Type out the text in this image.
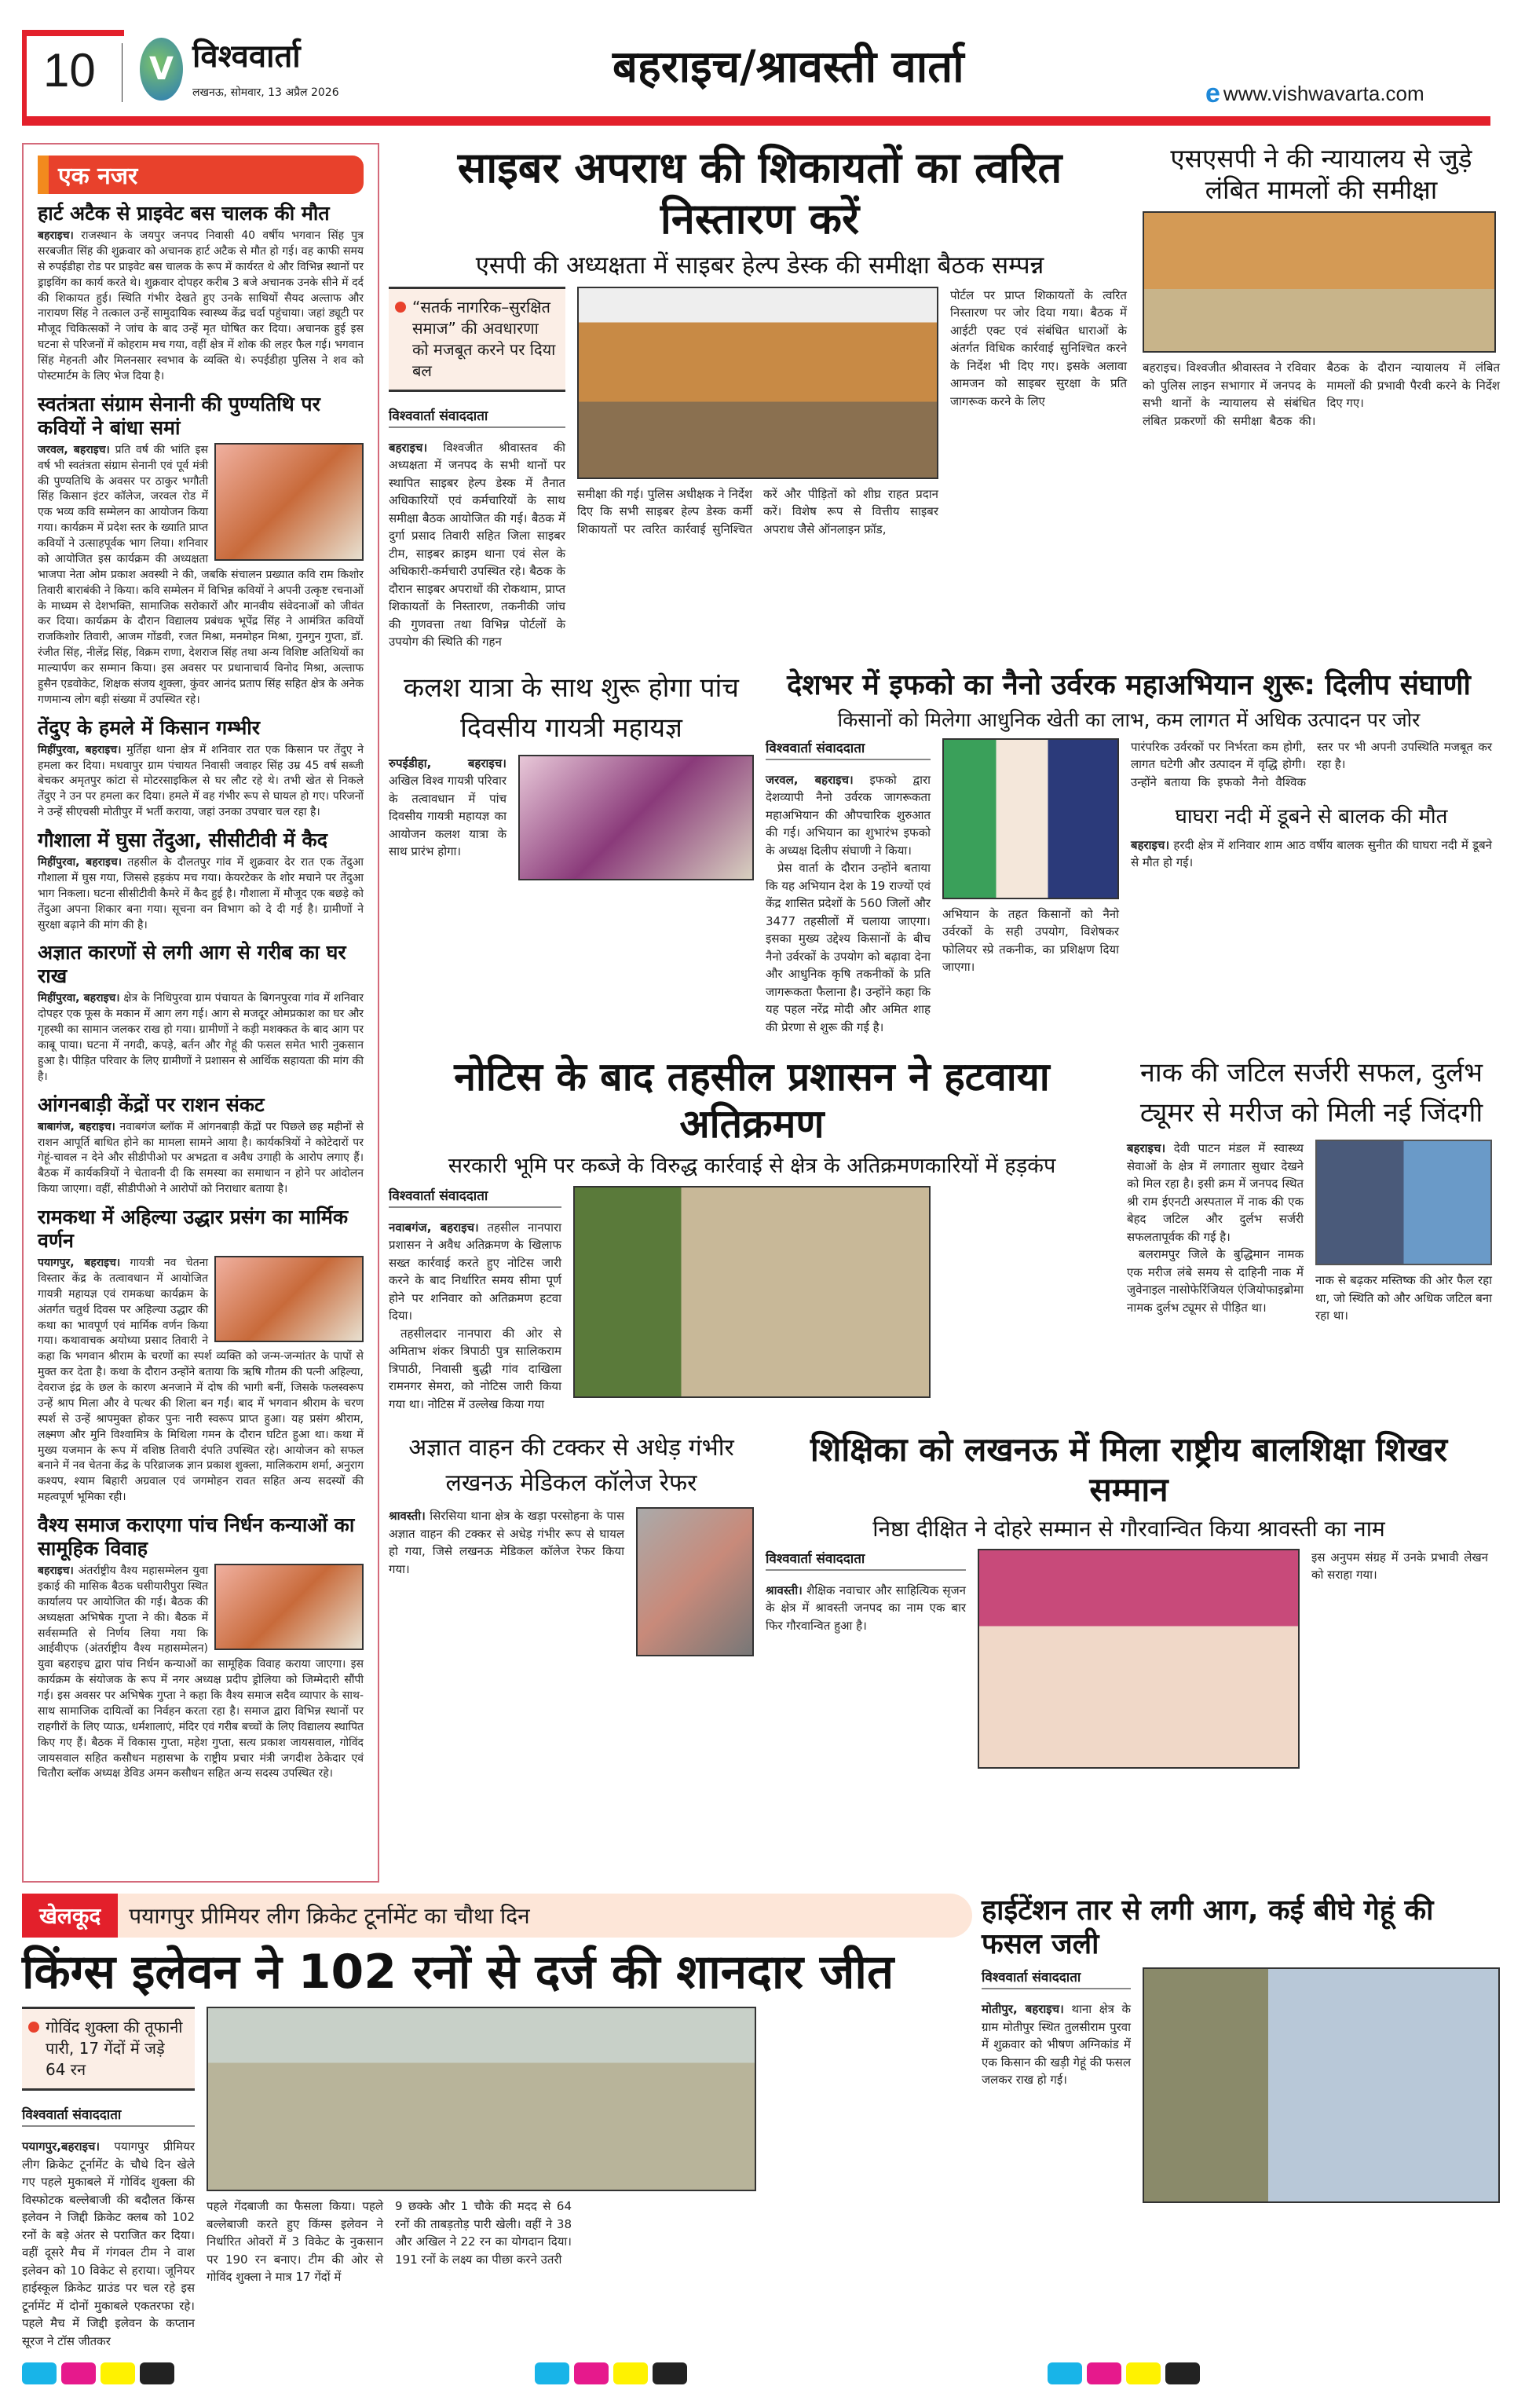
10	V विश्ववार्ता
लखनऊ, सोमवार, 13 अप्रैल 2026	बहराइच/श्रावस्ती वार्ता
e www.vishwavarta.com
एक नजर
हार्ट अटैक से प्राइवेट बस चालक की मौत
बहराइच। राजस्थान के जयपुर जनपद निवासी 40 वर्षीय भगवान सिंह पुत्र सरबजीत सिंह की शुक्रवार को अचानक हार्ट अटैक से मौत हो गई। वह काफी समय से रुपईडीहा रोड पर प्राइवेट बस चालक के रूप में कार्यरत थे और विभिन्न स्थानों पर ड्राइविंग का कार्य करते थे। शुक्रवार दोपहर करीब 3 बजे अचानक उनके सीने में दर्द की शिकायत हुई। स्थिति गंभीर देखते हुए उनके साथियों सैयद अल्ताफ और नारायण सिंह ने तत्काल उन्हें सामुदायिक स्वास्थ्य केंद्र चर्दा पहुंचाया। जहां ड्यूटी पर मौजूद चिकित्सकों ने जांच के बाद उन्हें मृत घोषित कर दिया। अचानक हुई इस घटना से परिजनों में कोहराम मच गया, वहीं क्षेत्र में शोक की लहर फैल गई। भगवान सिंह मेहनती और मिलनसार स्वभाव के व्यक्ति थे। रुपईडीहा पुलिस ने शव को पोस्टमार्टम के लिए भेज दिया है।
स्वतंत्रता संग्राम सेनानी की पुण्यतिथि पर कवियों ने बांधा समां
जरवल, बहराइच। प्रति वर्ष की भांति इस वर्ष भी स्वतंत्रता संग्राम सेनानी एवं पूर्व मंत्री की पुण्यतिथि के अवसर पर ठाकुर भगौती सिंह किसान इंटर कॉलेज, जरवल रोड में एक भव्य कवि सम्मेलन का आयोजन किया गया। कार्यक्रम में प्रदेश स्तर के ख्याति प्राप्त कवियों ने उत्साहपूर्वक भाग लिया। शनिवार को आयोजित इस कार्यक्रम की अध्यक्षता भाजपा नेता ओम प्रकाश अवस्थी ने की, जबकि संचालन प्रख्यात कवि राम किशोर तिवारी बाराबंकी ने किया। कवि सम्मेलन में विभिन्न कवियों ने अपनी उत्कृष्ट रचनाओं के माध्यम से देशभक्ति, सामाजिक सरोकारों और मानवीय संवेदनाओं को जीवंत कर दिया। कार्यक्रम के दौरान विद्यालय प्रबंधक भूपेंद्र सिंह ने आमंत्रित कवियों राजकिशोर तिवारी, आजम गोंडवी, रजत मिश्रा, मनमोहन मिश्रा, गुनगुन गुप्ता, डॉ. रंजीत सिंह, नीलेंद्र सिंह, विक्रम राणा, देशराज सिंह तथा अन्य विशिष्ट अतिथियों का माल्यार्पण कर सम्मान किया। इस अवसर पर प्रधानाचार्य विनोद मिश्रा, अल्ताफ हुसैन एडवोकेट, शिक्षक संजय शुक्ला, कुंवर आनंद प्रताप सिंह सहित क्षेत्र के अनेक गणमान्य लोग बड़ी संख्या में उपस्थित रहे।
तेंदुए के हमले में किसान गम्भीर
मिहींपुरवा, बहराइच। मुर्तिहा थाना क्षेत्र में शनिवार रात एक किसान पर तेंदुए ने हमला कर दिया। मधवापुर ग्राम पंचायत निवासी जवाहर सिंह उम्र 45 वर्ष सब्जी बेचकर अमृतपुर कांटा से मोटरसाइकिल से घर लौट रहे थे। तभी खेत से निकले तेंदुए ने उन पर हमला कर दिया। हमले में वह गंभीर रूप से घायल हो गए। परिजनों ने उन्हें सीएचसी मोतीपुर में भर्ती कराया, जहां उनका उपचार चल रहा है।
गौशाला में घुसा तेंदुआ, सीसीटीवी में कैद
मिहींपुरवा, बहराइच। तहसील के दौलतपुर गांव में शुक्रवार देर रात एक तेंदुआ गौशाला में घुस गया, जिससे हड़कंप मच गया। केयरटेकर के शोर मचाने पर तेंदुआ भाग निकला। घटना सीसीटीवी कैमरे में कैद हुई है। गौशाला में मौजूद एक बछड़े को तेंदुआ अपना शिकार बना गया। सूचना वन विभाग को दे दी गई है। ग्रामीणों ने सुरक्षा बढ़ाने की मांग की है।
अज्ञात कारणों से लगी आग से गरीब का घर राख
मिहींपुरवा, बहराइच। क्षेत्र के निधिपुरवा ग्राम पंचायत के बिगनपुरवा गांव में शनिवार दोपहर एक फूस के मकान में आग लग गई। आग से मजदूर ओमप्रकाश का घर और गृहस्थी का सामान जलकर राख हो गया। ग्रामीणों ने कड़ी मशक्कत के बाद आग पर काबू पाया। घटना में नगदी, कपड़े, बर्तन और गेहूं की फसल समेत भारी नुकसान हुआ है। पीड़ित परिवार के लिए ग्रामीणों ने प्रशासन से आर्थिक सहायता की मांग की है।
आंगनबाड़ी केंद्रों पर राशन संकट
बाबागंज, बहराइच। नवाबगंज ब्लॉक में आंगनबाड़ी केंद्रों पर पिछले छह महीनों से राशन आपूर्ति बाधित होने का मामला सामने आया है। कार्यकत्रियों ने कोटेदारों पर गेहूं-चावल न देने और सीडीपीओ पर अभद्रता व अवैध उगाही के आरोप लगाए हैं। बैठक में कार्यकत्रियों ने चेतावनी दी कि समस्या का समाधान न होने पर आंदोलन किया जाएगा। वहीं, सीडीपीओ ने आरोपों को निराधार बताया है।
रामकथा में अहिल्या उद्धार प्रसंग का मार्मिक वर्णन
पयागपुर, बहराइच। गायत्री नव चेतना विस्तार केंद्र के तत्वावधान में आयोजित गायत्री महायज्ञ एवं रामकथा कार्यक्रम के अंतर्गत चतुर्थ दिवस पर अहिल्या उद्धार की कथा का भावपूर्ण एवं मार्मिक वर्णन किया गया। कथावाचक अयोध्या प्रसाद तिवारी ने कहा कि भगवान श्रीराम के चरणों का स्पर्श व्यक्ति को जन्म-जन्मांतर के पापों से मुक्त कर देता है। कथा के दौरान उन्होंने बताया कि ऋषि गौतम की पत्नी अहिल्या, देवराज इंद्र के छल के कारण अनजाने में दोष की भागी बनीं, जिसके फलस्वरूप उन्हें श्राप मिला और वे पत्थर की शिला बन गईं। बाद में भगवान श्रीराम के चरण स्पर्श से उन्हें श्रापमुक्त होकर पुनः नारी स्वरूप प्राप्त हुआ। यह प्रसंग श्रीराम, लक्ष्मण और मुनि विश्वामित्र के मिथिला गमन के दौरान घटित हुआ था। कथा में मुख्य यजमान के रूप में वशिष्ठ तिवारी दंपति उपस्थित रहे। आयोजन को सफल बनाने में नव चेतना केंद्र के परिव्राजक ज्ञान प्रकाश शुक्ला, मालिकराम शर्मा, अनुराग कश्यप, श्याम बिहारी अग्रवाल एवं जगमोहन रावत सहित अन्य सदस्यों की महत्वपूर्ण भूमिका रही।
वैश्य समाज कराएगा पांच निर्धन कन्याओं का सामूहिक विवाह
बहराइच। अंतर्राष्ट्रीय वैश्य महासम्मेलन युवा इकाई की मासिक बैठक घसीयारीपुरा स्थित कार्यालय पर आयोजित की गई। बैठक की अध्यक्षता अभिषेक गुप्ता ने की। बैठक में सर्वसम्मति से निर्णय लिया गया कि आईवीएफ (अंतर्राष्ट्रीय वैश्य महासम्मेलन) युवा बहराइच द्वारा पांच निर्धन कन्याओं का सामूहिक विवाह कराया जाएगा। इस कार्यक्रम के संयोजक के रूप में नगर अध्यक्ष प्रदीप ड्रोलिया को जिम्मेदारी सौंपी गई। इस अवसर पर अभिषेक गुप्ता ने कहा कि वैश्य समाज सदैव व्यापार के साथ-साथ सामाजिक दायित्वों का निर्वहन करता रहा है। समाज द्वारा विभिन्न स्थानों पर राहगीरों के लिए प्याऊ, धर्मशालाएं, मंदिर एवं गरीब बच्चों के लिए विद्यालय स्थापित किए गए हैं। बैठक में विकास गुप्ता, महेश गुप्ता, सत्य प्रकाश जायसवाल, गोविंद जायसवाल सहित कसौधन महासभा के राष्ट्रीय प्रचार मंत्री जगदीश ठेकेदार एवं चितौरा ब्लॉक अध्यक्ष डेविड अमन कसौधन सहित अन्य सदस्य उपस्थित रहे।
साइबर अपराध की शिकायतों का त्वरित निस्तारण करें
एसपी की अध्यक्षता में साइबर हेल्प डेस्क की समीक्षा बैठक सम्पन्न
“सतर्क नागरिक–सुरक्षित समाज” की अवधारणा को मजबूत करने पर दिया बल
विश्ववार्ता संवाददाता

बहराइच। विश्वजीत श्रीवास्तव की अध्यक्षता में जनपद के सभी थानों पर स्थापित साइबर हेल्प डेस्क में तैनात अधिकारियों एवं कर्मचारियों के साथ समीक्षा बैठक आयोजित की गई। बैठक में दुर्गा प्रसाद तिवारी सहित जिला साइबर टीम, साइबर क्राइम थाना एवं सेल के अधिकारी-कर्मचारी उपस्थित रहे। बैठक के दौरान साइबर अपराधों की रोकथाम, प्राप्त शिकायतों के निस्तारण, तकनीकी जांच की गुणवत्ता तथा विभिन्न पोर्टलों के उपयोग की स्थिति की गहन

समीक्षा की गई। पुलिस अधीक्षक ने निर्देश दिए कि सभी साइबर हेल्प डेस्क कर्मी शिकायतों पर त्वरित कार्रवाई सुनिश्चित करें और पीड़ितों को शीघ्र राहत प्रदान करें। विशेष रूप से वित्तीय साइबर अपराध जैसे ऑनलाइन फ्रॉड,

पोर्टल पर प्राप्त शिकायतों के त्वरित निस्तारण पर जोर दिया गया। बैठक में आईटी एक्ट एवं संबंधित धाराओं के अंतर्गत विधिक कार्रवाई सुनिश्चित करने के निर्देश भी दिए गए। इसके अलावा आमजन को साइबर सुरक्षा के प्रति जागरूक करने के लिए

एसएसपी ने की न्यायालय से जुड़े लंबित मामलों की समीक्षा

बहराइच। विश्वजीत श्रीवास्तव ने रविवार को पुलिस लाइन सभागार में जनपद के सभी थानों के न्यायालय से संबंधित लंबित प्रकरणों की समीक्षा बैठक की। बैठक के दौरान न्यायालय में लंबित मामलों की प्रभावी पैरवी करने के निर्देश दिए गए।

कलश यात्रा के साथ शुरू होगा पांच दिवसीय गायत्री महायज्ञ

रुपईडीहा, बहराइच। अखिल विश्व गायत्री परिवार के तत्वावधान में पांच दिवसीय गायत्री महायज्ञ का आयोजन कलश यात्रा के साथ प्रारंभ होगा।

देशभर में इफको का नैनो उर्वरक महाअभियान शुरू: दिलीप संघाणी
किसानों को मिलेगा आधुनिक खेती का लाभ, कम लागत में अधिक उत्पादन पर जोर
विश्ववार्ता संवाददाता

जरवल, बहराइच। इफको द्वारा देशव्यापी नैनो उर्वरक जागरूकता महाअभियान की औपचारिक शुरुआत की गई। अभियान का शुभारंभ इफको के अध्यक्ष दिलीप संघाणी ने किया।

प्रेस वार्ता के दौरान उन्होंने बताया कि यह अभियान देश के 19 राज्यों एवं केंद्र शासित प्रदेशों के 560 जिलों और 3477 तहसीलों में चलाया जाएगा। इसका मुख्य उद्देश्य किसानों के बीच नैनो उर्वरकों के उपयोग को बढ़ावा देना और आधुनिक कृषि तकनीकों के प्रति जागरूकता फैलाना है। उन्होंने कहा कि यह पहल नरेंद्र मोदी और अमित शाह की प्रेरणा से शुरू की गई है।

अभियान के तहत किसानों को नैनो उर्वरकों के सही उपयोग, विशेषकर फोलियर स्प्रे तकनीक, का प्रशिक्षण दिया जाएगा।

पारंपरिक उर्वरकों पर निर्भरता कम होगी, लागत घटेगी और उत्पादन में वृद्धि होगी। उन्होंने बताया कि इफको नैनो वैश्विक स्तर पर भी अपनी उपस्थिति मजबूत कर रहा है।

घाघरा नदी में डूबने से बालक की मौत

बहराइच। हरदी क्षेत्र में शनिवार शाम आठ वर्षीय बालक सुनीत की घाघरा नदी में डूबने से मौत हो गई।

नोटिस के बाद तहसील प्रशासन ने हटवाया अतिक्रमण
सरकारी भूमि पर कब्जे के विरुद्ध कार्रवाई से क्षेत्र के अतिक्रमणकारियों में हड़कंप
विश्ववार्ता संवाददाता

नवाबगंज, बहराइच। तहसील नानपारा प्रशासन ने अवैध अतिक्रमण के खिलाफ सख्त कार्रवाई करते हुए नोटिस जारी करने के बाद निर्धारित समय सीमा पूर्ण होने पर शनिवार को अतिक्रमण हटवा दिया।

तहसीलदार नानपारा की ओर से अमिताभ शंकर त्रिपाठी पुत्र सालिकराम त्रिपाठी, निवासी बुद्धी गांव दाखिला रामनगर सेमरा, को नोटिस जारी किया गया था। नोटिस में उल्लेख किया गया

नाक की जटिल सर्जरी सफल, दुर्लभ ट्यूमर से मरीज को मिली नई जिंदगी

बहराइच। देवी पाटन मंडल में स्वास्थ्य सेवाओं के क्षेत्र में लगातार सुधार देखने को मिल रहा है। इसी क्रम में जनपद स्थित श्री राम ईएनटी अस्पताल में नाक की एक बेहद जटिल और दुर्लभ सर्जरी सफलतापूर्वक की गई है।

बलरामपुर जिले के बुद्धिमान नामक एक मरीज लंबे समय से दाहिनी नाक में जुवेनाइल नासोफेरिंजियल एंजियोफाइब्रोमा नामक दुर्लभ ट्यूमर से पीड़ित था।

नाक से बढ़कर मस्तिष्क की ओर फैल रहा था, जो स्थिति को और अधिक जटिल बना रहा था।

अज्ञात वाहन की टक्कर से अधेड़ गंभीर लखनऊ मेडिकल कॉलेज रेफर

श्रावस्ती। सिरसिया थाना क्षेत्र के खड़ा परसोहना के पास अज्ञात वाहन की टक्कर से अधेड़ गंभीर रूप से घायल हो गया, जिसे लखनऊ मेडिकल कॉलेज रेफर किया गया।

शिक्षिका को लखनऊ में मिला राष्ट्रीय बालशिक्षा शिखर सम्मान
निष्ठा दीक्षित ने दोहरे सम्मान से गौरवान्वित किया श्रावस्ती का नाम
विश्ववार्ता संवाददाता

श्रावस्ती। शैक्षिक नवाचार और साहित्यिक सृजन के क्षेत्र में श्रावस्ती जनपद का नाम एक बार फिर गौरवान्वित हुआ है।

इस अनुपम संग्रह में उनके प्रभावी लेखन को सराहा गया।

खेलकूद	पयागपुर प्रीमियर लीग क्रिकेट टूर्नामेंट का चौथा दिन
किंग्स इलेवन ने 102 रनों से दर्ज की शानदार जीत
गोविंद शुक्ला की तूफानी पारी, 17 गेंदों में जड़े 64 रन
विश्ववार्ता संवाददाता

पयागपुर,बहराइच। पयागपुर प्रीमियर लीग क्रिकेट टूर्नामेंट के चौथे दिन खेले गए पहले मुकाबले में गोविंद शुक्ला की विस्फोटक बल्लेबाजी की बदौलत किंग्स इलेवन ने जिद्दी क्रिकेट क्लब को 102 रनों के बड़े अंतर से पराजित कर दिया। वहीं दूसरे मैच में गंगवल टीम ने वाश इलेवन को 10 विकेट से हराया। जूनियर हाईस्कूल क्रिकेट ग्राउंड पर चल रहे इस टूर्नामेंट में दोनों मुकाबले एकतरफा रहे। पहले मैच में जिद्दी इलेवन के कप्तान सूरज ने टॉस जीतकर

पहले गेंदबाजी का फैसला किया। पहले बल्लेबाजी करते हुए किंग्स इलेवन ने निर्धारित ओवरों में 3 विकेट के नुकसान पर 190 रन बनाए। टीम की ओर से गोविंद शुक्ला ने मात्र 17 गेंदों में

9 छक्के और 1 चौके की मदद से 64 रनों की ताबड़तोड़ पारी खेली। वहीं ने 38 और अखिल ने 22 रन का योगदान दिया। 191 रनों के लक्ष्य का पीछा करने उतरी

हाईटेंशन तार से लगी आग, कई बीघे गेहूं की फसल जली
विश्ववार्ता संवाददाता

मोतीपुर, बहराइच। थाना क्षेत्र के ग्राम मोतीपुर स्थित तुलसीराम पुरवा में शुक्रवार को भीषण अग्निकांड में एक किसान की खड़ी गेहूं की फसल जलकर राख हो गई।
